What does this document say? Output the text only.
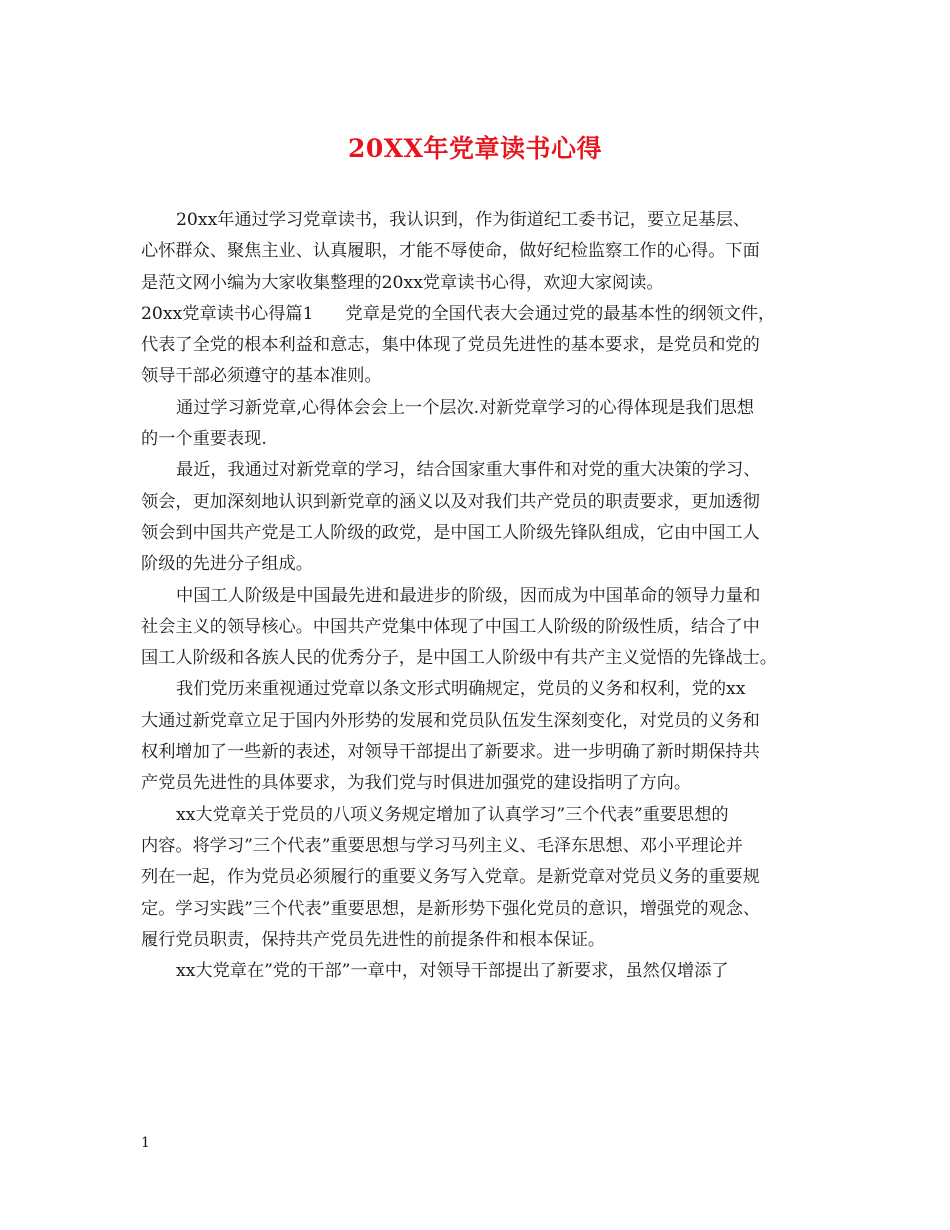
20XX年党章读书心得
20xx年通过学习党章读书，我认识到，作为街道纪工委书记，要立足基层、
心怀群众、聚焦主业、认真履职，才能不辱使命，做好纪检监察工作的心得。下面
是范文网小编为大家收集整理的20xx党章读书心得，欢迎大家阅读。
20xx党章读书心得篇1 党章是党的全国代表大会通过党的最基本性的纲领文件，
代表了全党的根本利益和意志，集中体现了党员先进性的基本要求，是党员和党的
领导干部必须遵守的基本准则。
通过学习新党章,心得体会会上一个层次.对新党章学习的心得体现是我们思想
的一个重要表现.
最近，我通过对新党章的学习，结合国家重大事件和对党的重大决策的学习、
领会，更加深刻地认识到新党章的涵义以及对我们共产党员的职责要求，更加透彻
领会到中国共产党是工人阶级的政党，是中国工人阶级先锋队组成，它由中国工人
阶级的先进分子组成。
中国工人阶级是中国最先进和最进步的阶级，因而成为中国革命的领导力量和
社会主义的领导核心。中国共产党集中体现了中国工人阶级的阶级性质，结合了中
国工人阶级和各族人民的优秀分子，是中国工人阶级中有共产主义觉悟的先锋战士。
我们党历来重视通过党章以条文形式明确规定，党员的义务和权利，党的xx
大通过新党章立足于国内外形势的发展和党员队伍发生深刻变化，对党员的义务和
权利增加了一些新的表述，对领导干部提出了新要求。进一步明确了新时期保持共
产党员先进性的具体要求，为我们党与时俱进加强党的建设指明了方向。
xx大党章关于党员的八项义务规定增加了认真学习”三个代表”重要思想的
内容。将学习”三个代表”重要思想与学习马列主义、毛泽东思想、邓小平理论并
列在一起，作为党员必须履行的重要义务写入党章。是新党章对党员义务的重要规
定。学习实践”三个代表”重要思想，是新形势下强化党员的意识，增强党的观念、
履行党员职责，保持共产党员先进性的前提条件和根本保证。
xx大党章在”党的干部”一章中，对领导干部提出了新要求，虽然仅增添了
1
